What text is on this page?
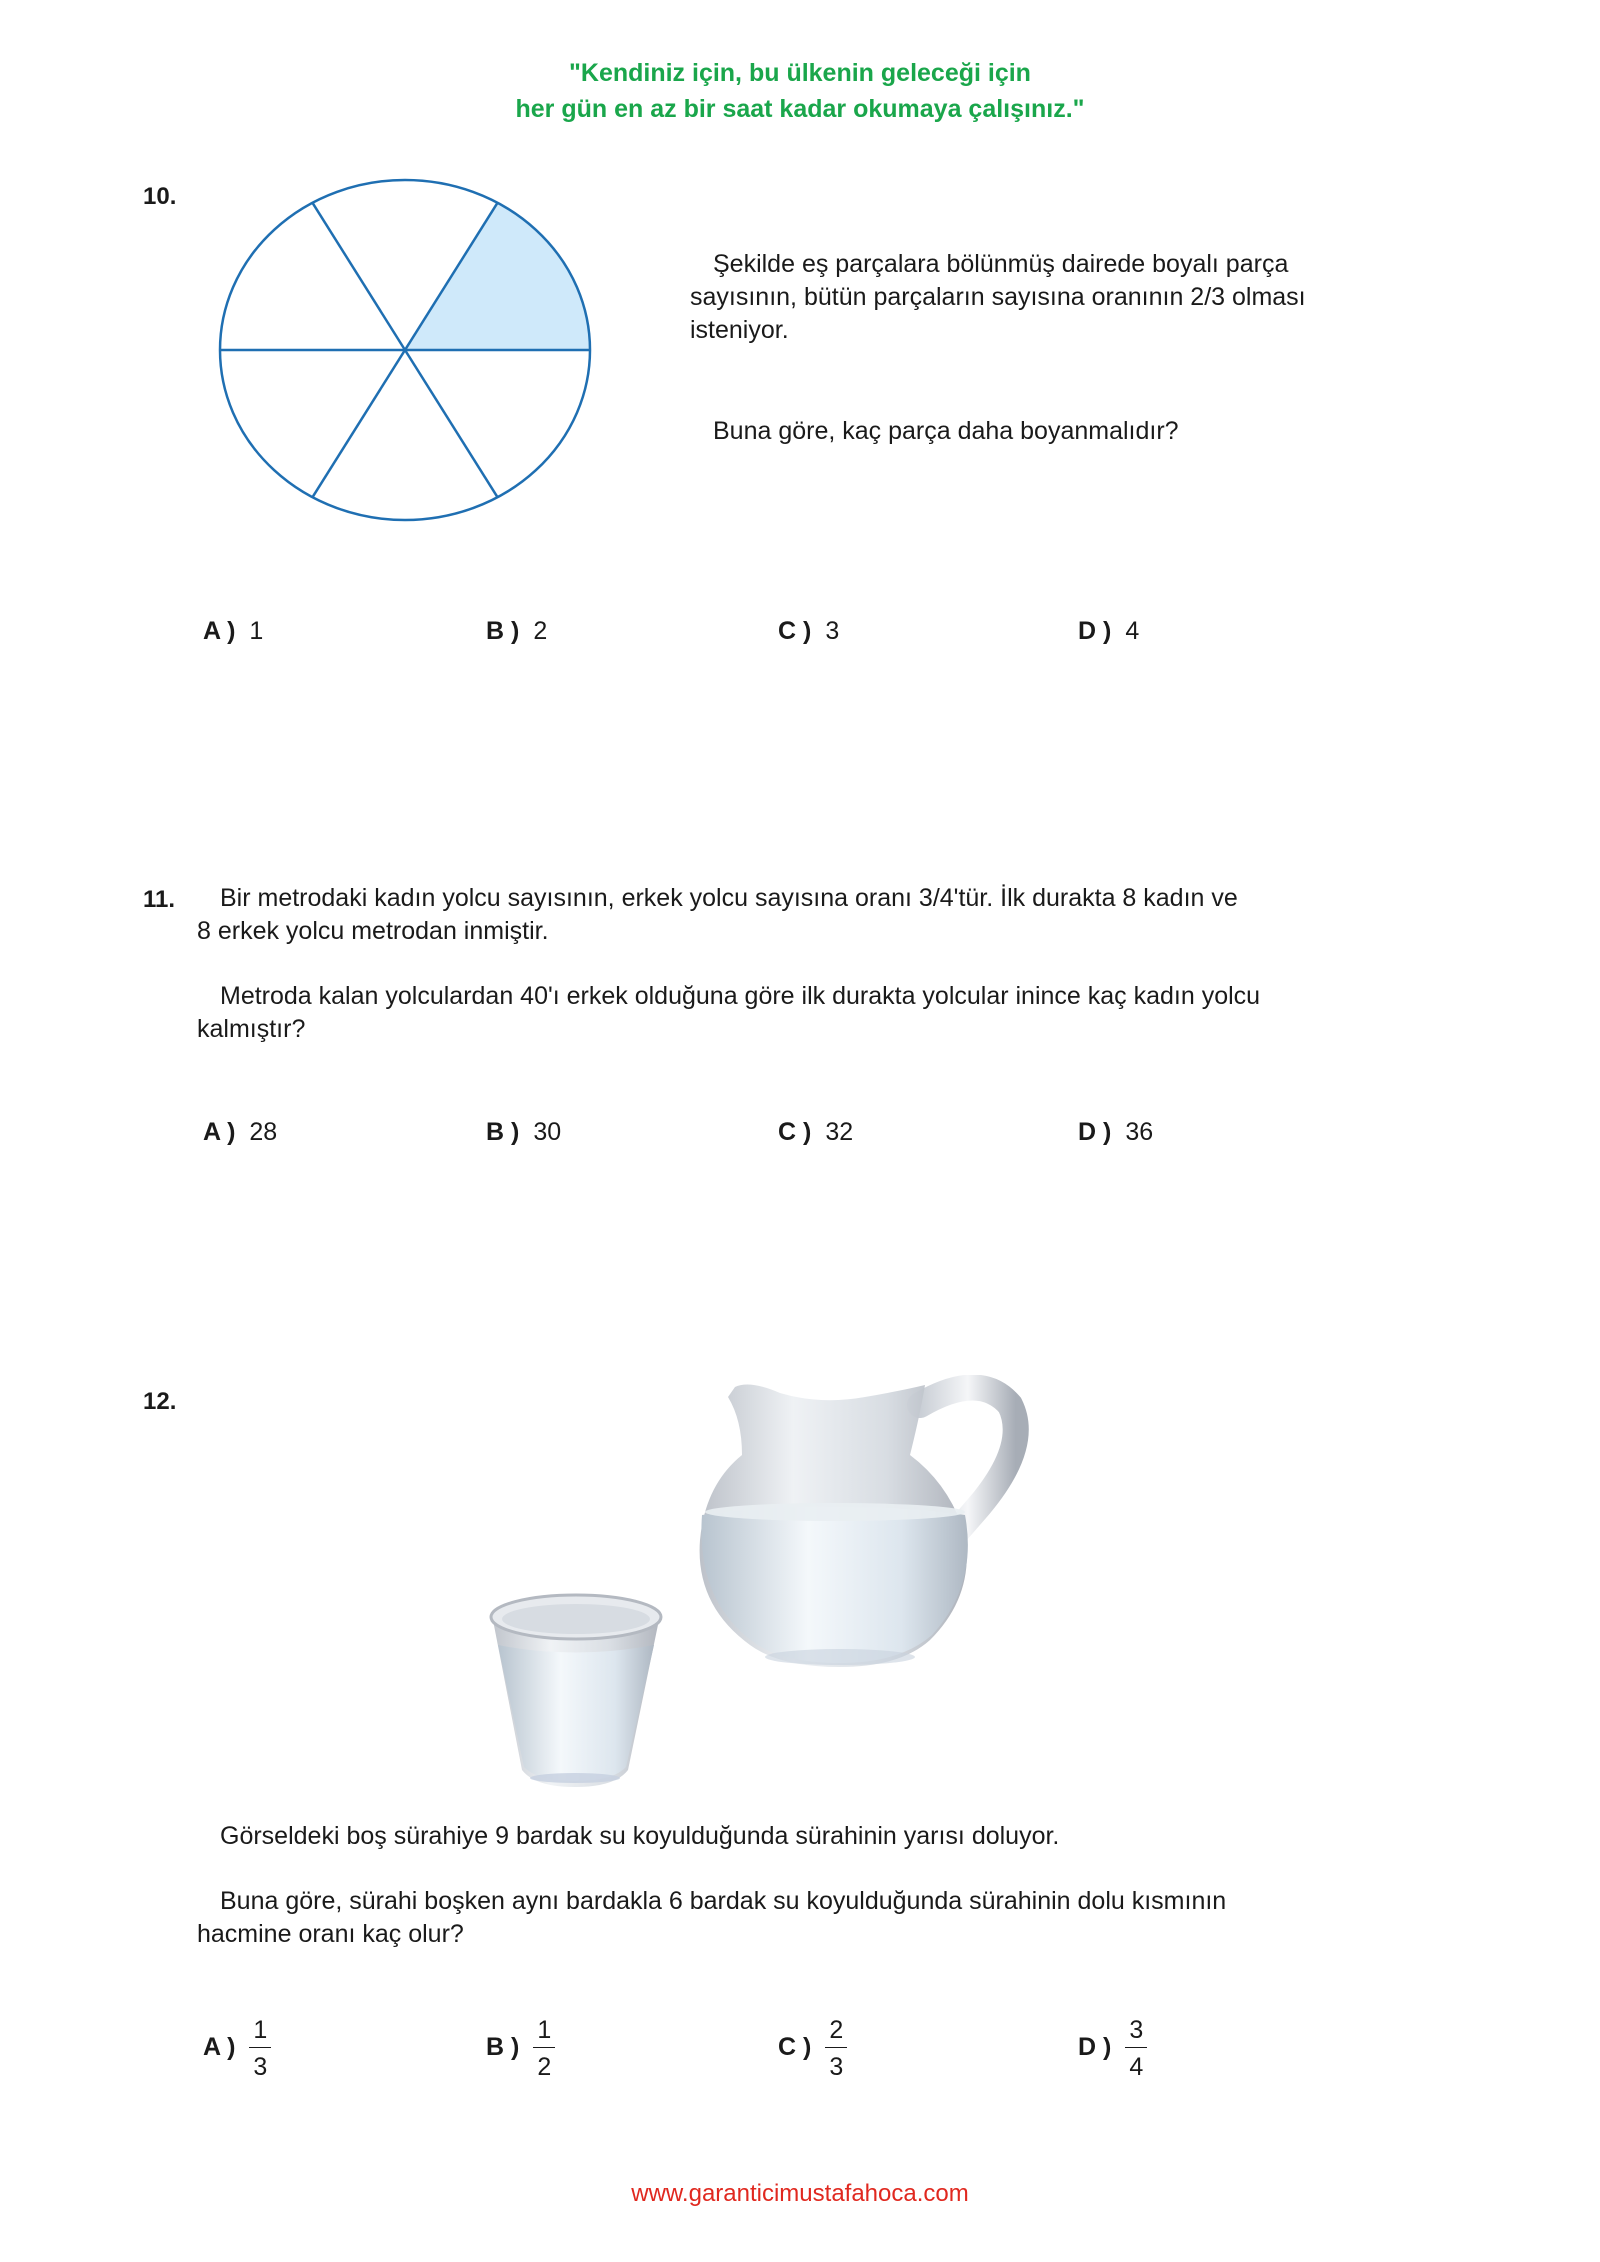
"Kendiniz için, bu ülkenin geleceği için
her gün en az bir saat kadar okumaya çalışınız."
10.
Şekilde eş parçalara bölünmüş dairede boyalı parça
sayısının, bütün parçaların sayısına oranının 2/3 olması
isteniyor.
Buna göre, kaç parça daha boyanmalıdır?
A ) 1	B ) 2	C ) 3	D ) 4
11.	Bir metrodaki kadın yolcu sayısının, erkek yolcu sayısına oranı 3/4'tür. İlk durakta 8 kadın ve
8 erkek yolcu metrodan inmiştir.
Metroda kalan yolculardan 40'ı erkek olduğuna göre ilk durakta yolcular inince kaç kadın yolcu
kalmıştır?
A ) 28	B ) 30	C ) 32	D ) 36
12.
Görseldeki boş sürahiye 9 bardak su koyulduğunda sürahinin yarısı doluyor.
Buna göre, sürahi boşken aynı bardakla 6 bardak su koyulduğunda sürahinin dolu kısmının
hacmine oranı kaç olur?
A ) $\frac{1}{3}$	B ) $\frac{1}{2}$	C ) $\frac{2}{3}$	D ) $\frac{3}{4}$
www.garanticimustafahoca.com
